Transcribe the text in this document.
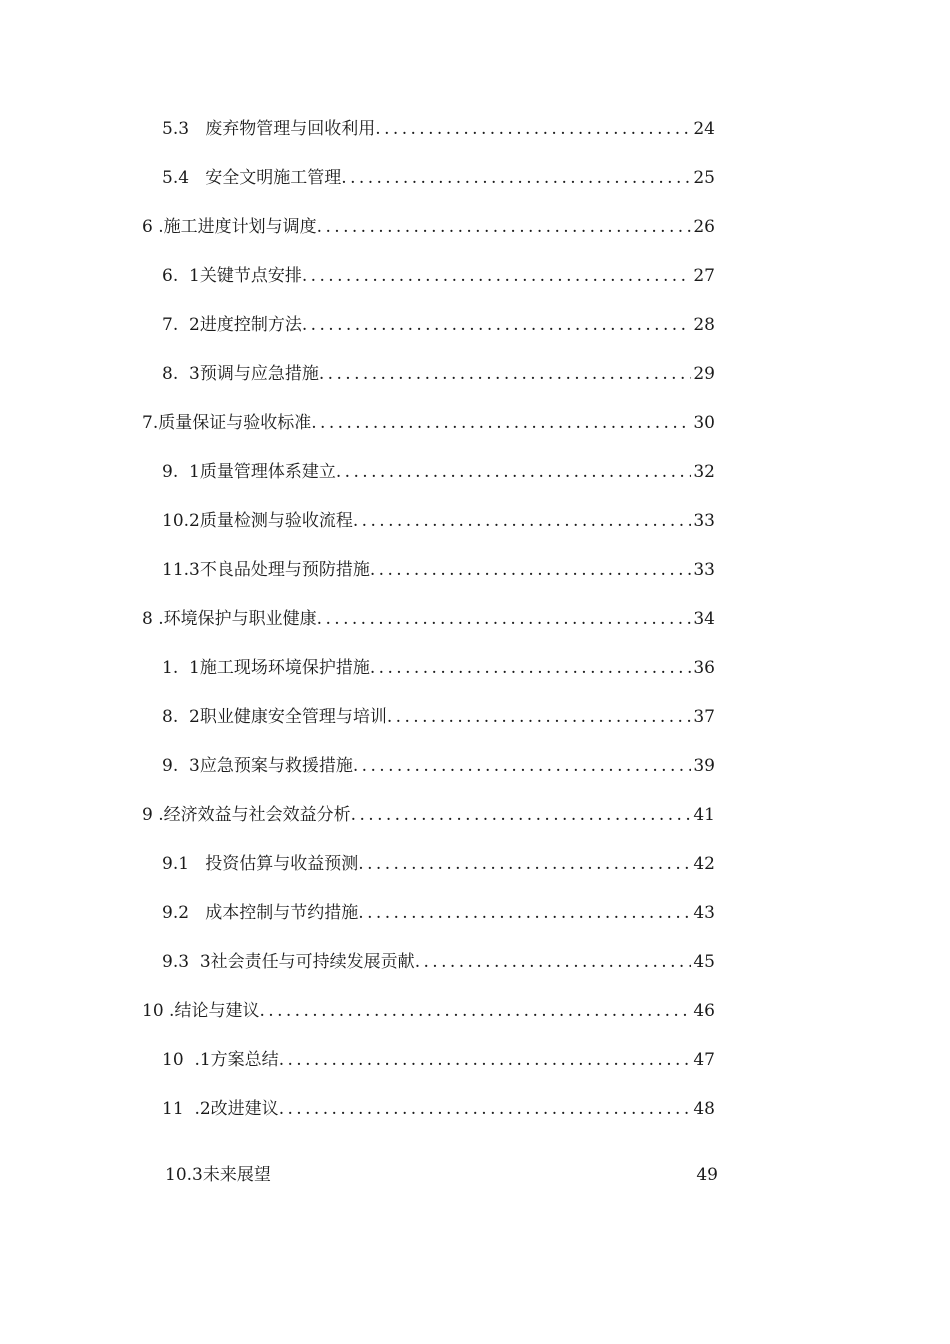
5.3 废弃物管理与回收利用 . . .	24
5.4 安全文明施工管理 . . .	25
6 .施工进度计划与调度 . . .	26
6. 1关键节点安排 . . .	27
7. 2进度控制方法 . . .	28
8. 3预调与应急措施 . . .	29
7.质量保证与验收标准 . . .	30
9. 1质量管理体系建立 . . .	32
10.2质量检测与验收流程 . . .	33
11.3不良品处理与预防措施 . . .	33
8 .环境保护与职业健康 . . .	34
1. 1施工现场环境保护措施 . . .	36
8. 2职业健康安全管理与培训 . . .	37
9. 3应急预案与救援措施 . . .	39
9 .经济效益与社会效益分析 . . .	41
9.1 投资估算与收益预测 . . .	42
9.2 成本控制与节约措施 . . .	43
9.3 3社会责任与可持续发展贡献 . . .	45
10 .结论与建议 . . .	46
10 .1方案总结 . . .	47
11 .2改进建议 . . .	48
10.3未来展望	49
